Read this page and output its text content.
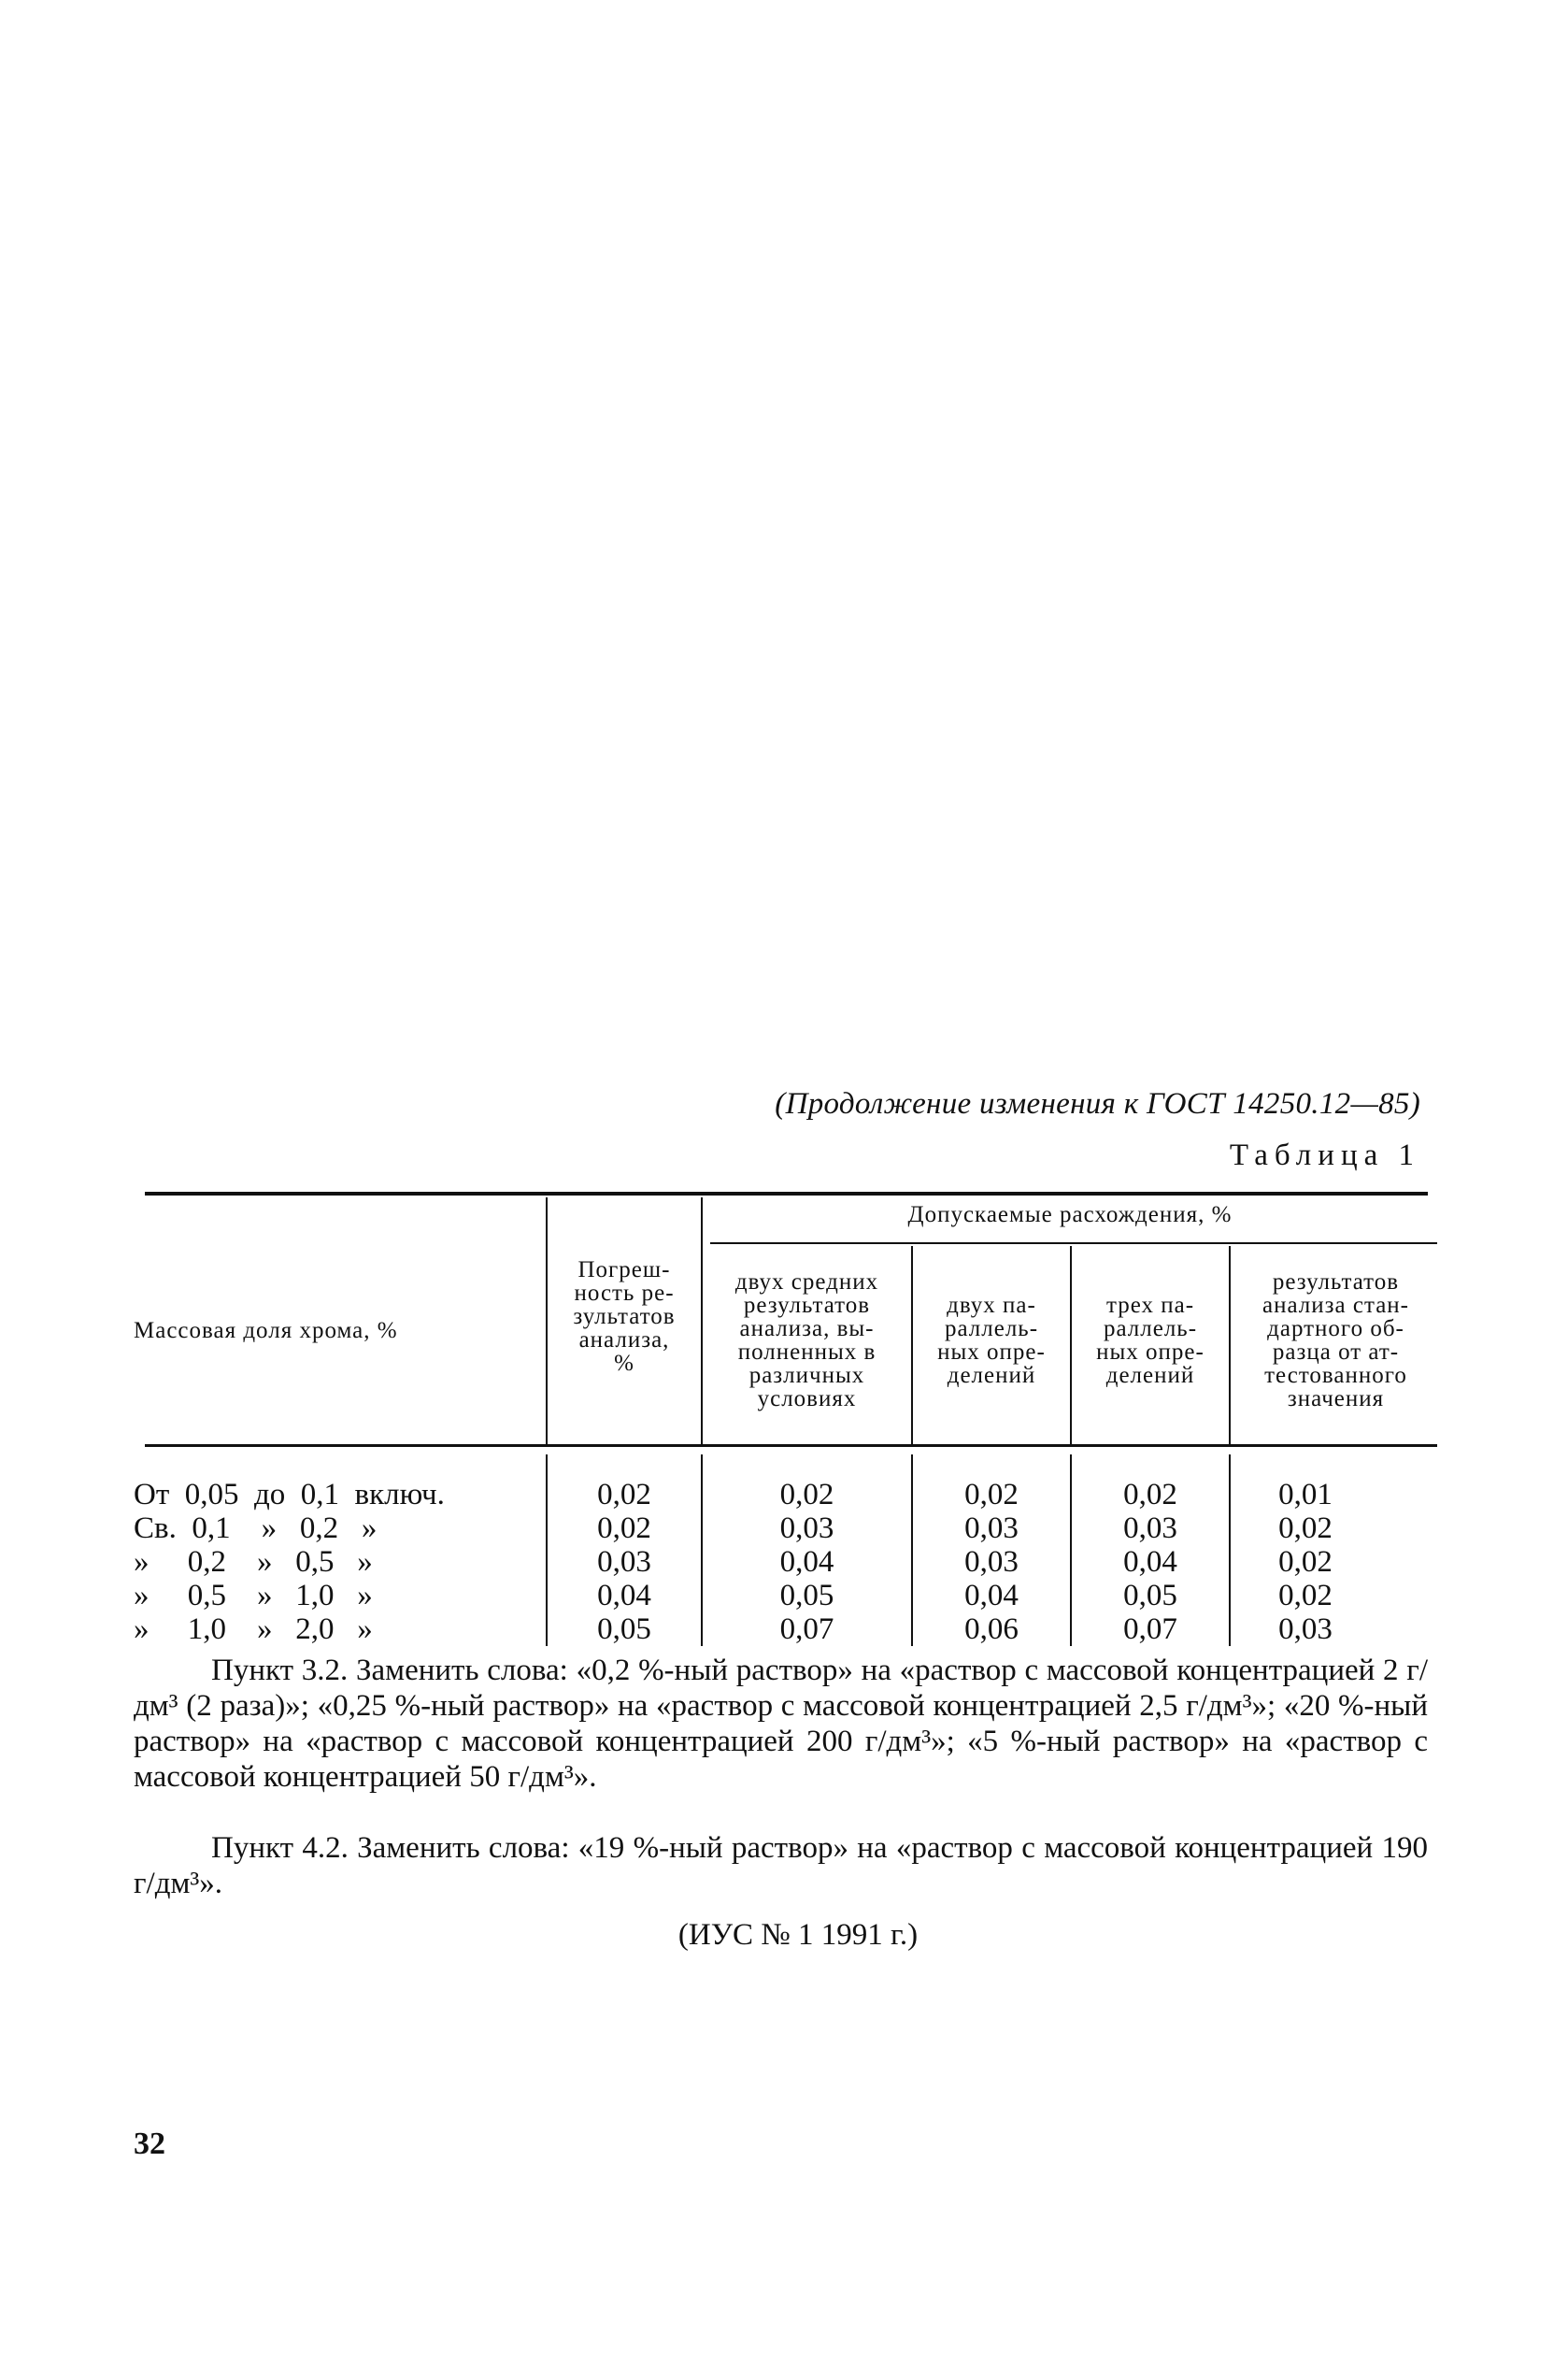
(Продолжение изменения к ГОСТ 14250.12—85)
Таблица 1
Массовая доля хрома, %
Погреш-
ность ре-
зультатов
анализа,
%
Допускаемые расхождения, %
двух средних
результатов
анализа, вы-
полненных в
различных
условиях
двух па-
раллель-
ных опре-
делений
трех па-
раллель-
ных опре-
делений
результатов
анализа стан-
дартного об-
разца от ат-
тестованного
значения
От  0,05  до  0,1  включ.
Св.  0,1    »   0,2   »
»     0,2    »   0,5   »
»     0,5    »   1,0   »
»     1,0    »   2,0   »
0,02
0,02
0,03
0,04
0,05
0,02
0,03
0,04
0,05
0,07
0,02
0,03
0,03
0,04
0,06
0,02
0,03
0,04
0,05
0,07
0,01
0,02
0,02
0,02
0,03
Пункт 3.2. Заменить слова: «0,2 %-ный раствор» на «раствор с массовой концентрацией 2 г/дм³ (2 раза)»; «0,25 %-ный раствор» на «раствор с массовой концентрацией 2,5 г/дм³»; «20 %-ный раствор» на «раствор с массовой концентрацией 200 г/дм³»; «5 %-ный раствор» на «раствор с массовой концентрацией 50 г/дм³».
Пункт 4.2. Заменить слова: «19 %-ный раствор» на «раствор с массовой концентрацией 190 г/дм³».
(ИУС № 1 1991 г.)
32
